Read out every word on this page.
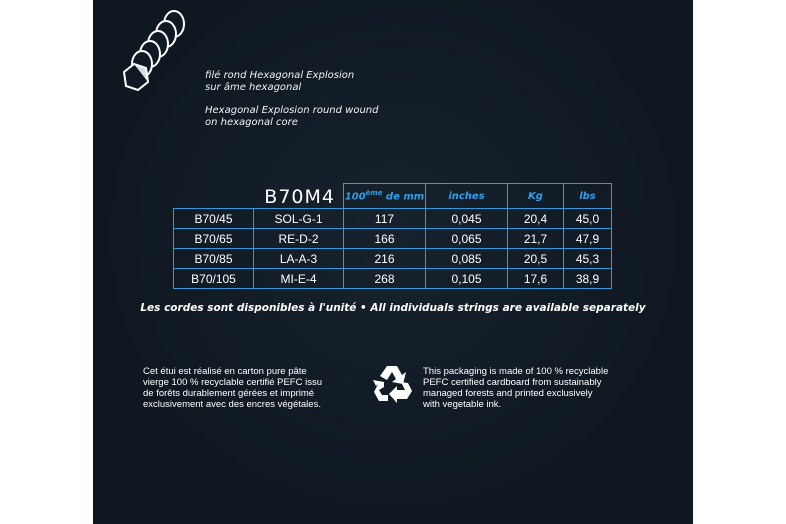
filé rond Hexagonal Explosion
sur âme hexagonal
Hexagonal Explosion round wound
on hexagonal core
B70M4		100ème de mm	inches	Kg	lbs
B70/45	SOL-G-1	117	0,045	20,4	45,0
B70/65	RE-D-2	166	0,065	21,7	47,9
B70/85	LA-A-3	216	0,085	20,5	45,3
B70/105	MI-E-4	268	0,105	17,6	38,9
Les cordes sont disponibles à l'unité • All individuals strings are available separately
Cet étui est réalisé en carton pure pâte
vierge 100 % recyclable certifié PEFC issu
de forêts durablement gérées et imprimé
exclusivement avec des encres végétales.
This packaging is made of 100 % recyclable
PEFC certified cardboard from sustainably
managed forests and printed exclusively
with vegetable ink.
